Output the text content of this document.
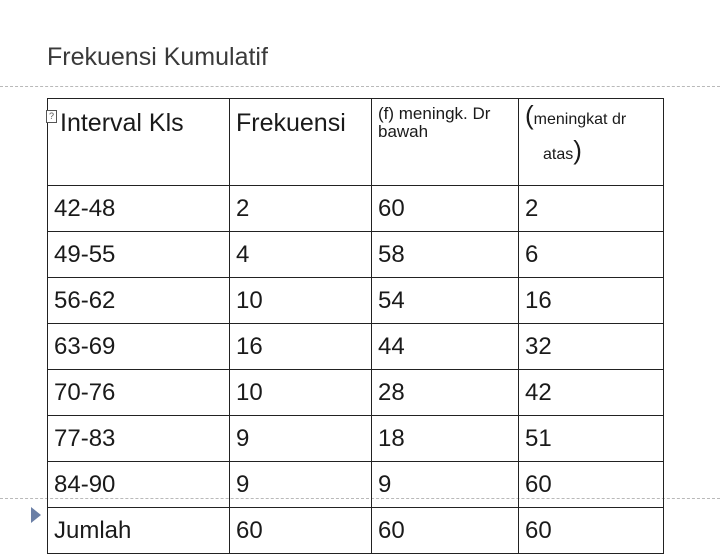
Frekuensi Kumulatif
Interval Kls	Frekuensi	(f) meningk. Dr bawah	(meningkat dr
atas)

42-48	2	60	2
49-55	4	58	6
56-62	10	54	16
63-69	16	44	32
70-76	10	28	42
77-83	9	18	51
84-90	9	9	60
Jumlah	60	60	60
?
